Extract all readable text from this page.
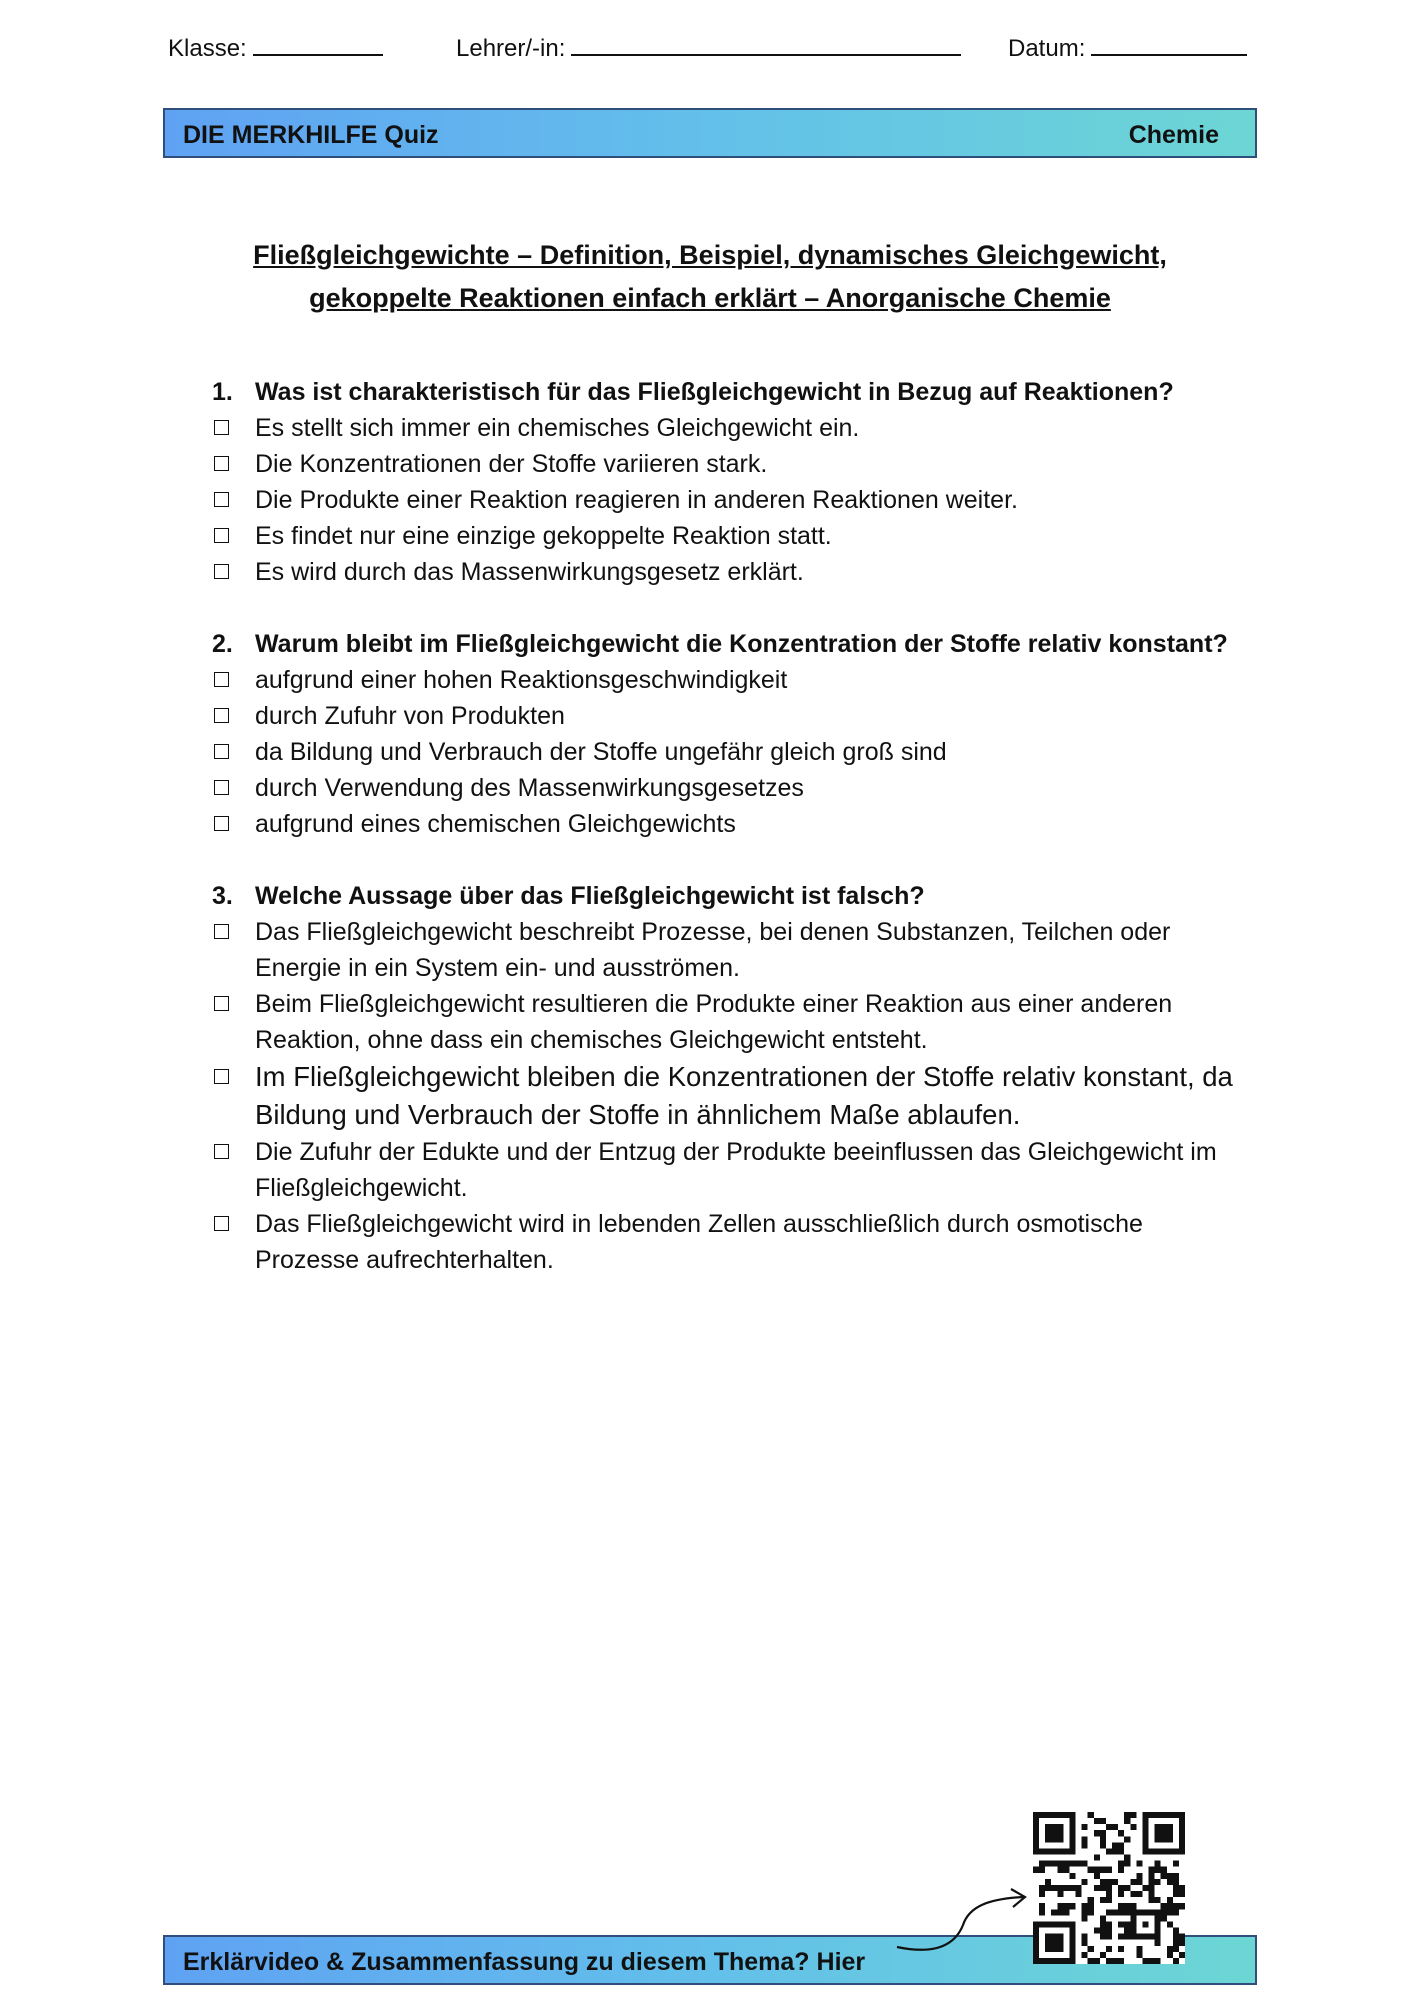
Klasse:	Lehrer/-in:	Datum:
DIE MERKHILFE Quiz	Chemie
Fließgleichgewichte – Definition, Beispiel, dynamisches Gleichgewicht,
gekoppelte Reaktionen einfach erklärt – Anorganische Chemie
1. Was ist charakteristisch für das Fließgleichgewicht in Bezug auf Reaktionen?
Es stellt sich immer ein chemisches Gleichgewicht ein.
Die Konzentrationen der Stoffe variieren stark.
Die Produkte einer Reaktion reagieren in anderen Reaktionen weiter.
Es findet nur eine einzige gekoppelte Reaktion statt.
Es wird durch das Massenwirkungsgesetz erklärt.
2. Warum bleibt im Fließgleichgewicht die Konzentration der Stoffe relativ konstant?
aufgrund einer hohen Reaktionsgeschwindigkeit
durch Zufuhr von Produkten
da Bildung und Verbrauch der Stoffe ungefähr gleich groß sind
durch Verwendung des Massenwirkungsgesetzes
aufgrund eines chemischen Gleichgewichts
3. Welche Aussage über das Fließgleichgewicht ist falsch?
Das Fließgleichgewicht beschreibt Prozesse, bei denen Substanzen, Teilchen oder Energie in ein System ein- und ausströmen.
Beim Fließgleichgewicht resultieren die Produkte einer Reaktion aus einer anderen Reaktion, ohne dass ein chemisches Gleichgewicht entsteht.
Im Fließgleichgewicht bleiben die Konzentrationen der Stoffe relativ konstant, da Bildung und Verbrauch der Stoffe in ähnlichem Maße ablaufen.
Die Zufuhr der Edukte und der Entzug der Produkte beeinflussen das Gleichgewicht im Fließgleichgewicht.
Das Fließgleichgewicht wird in lebenden Zellen ausschließlich durch osmotische Prozesse aufrechterhalten.
Erklärvideo & Zusammenfassung zu diesem Thema? Hier
